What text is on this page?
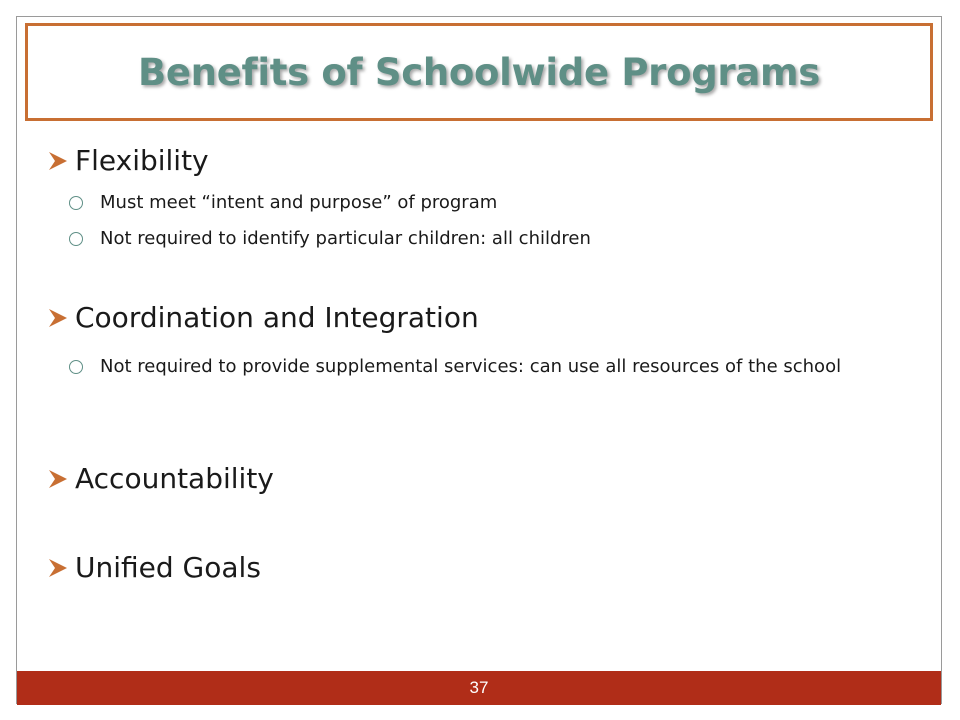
Benefits of Schoolwide Programs
Flexibility
Must meet “intent and purpose” of program
Not required to identify particular children: all children
Coordination and Integration
Not required to provide supplemental services: can use all resources of the school
Accountability
Unified Goals
37
